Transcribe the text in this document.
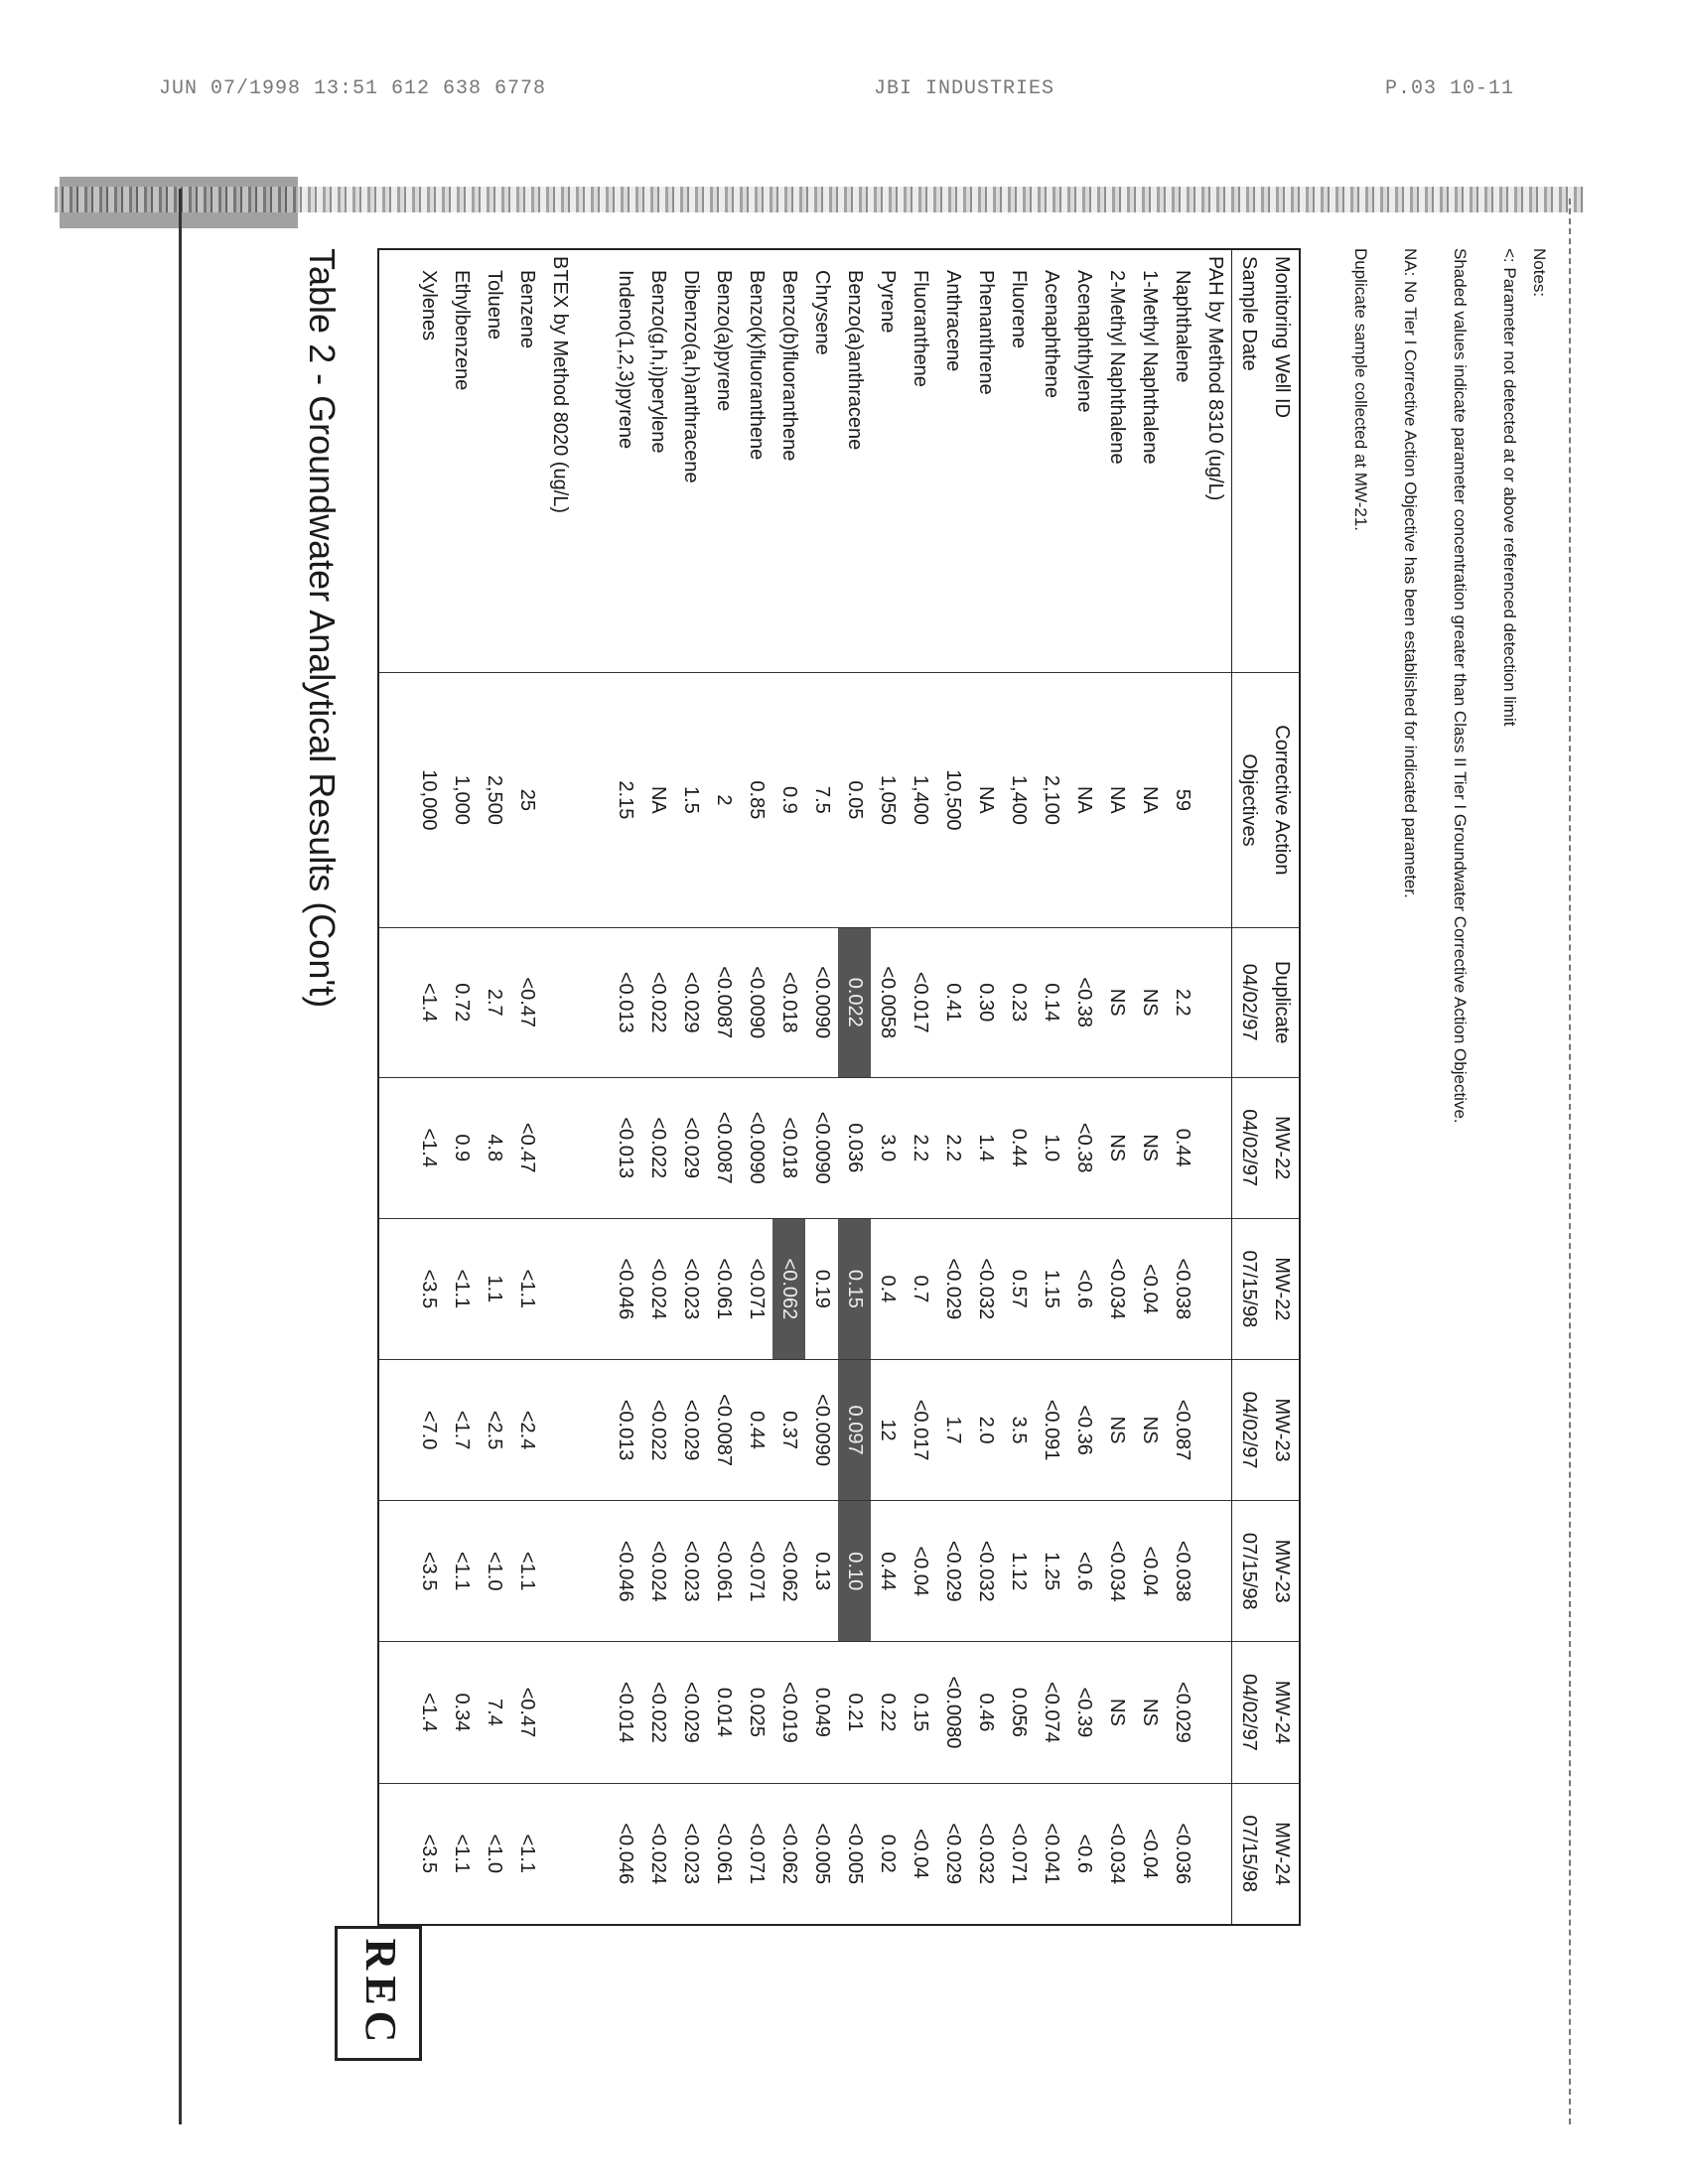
JUN 07/1998 13:51 612 638 6778	JBI INDUSTRIES	P.03 10-11
Table 2 - Groundwater Analytical Results (Con't)
REC
Monitoring Well ID	Corrective Action	Duplicate	MW-22	MW-22	MW-23	MW-23	MW-24	MW-24
Sample Date	Objectives	04/02/97	04/02/97	07/15/98	04/02/97	07/15/98	04/02/97	07/15/98
PAH by Method 8310 (ug/L)								
Naphthalene	59	2.2	0.44	<0.038	<0.087	<0.038	<0.029	<0.036
1-Methyl Naphthalene	NA	NS	NS	<0.04	NS	<0.04	NS	<0.04
2-Methyl Naphthalene	NA	NS	NS	<0.034	NS	<0.034	NS	<0.034
Acenaphthylene	NA	<0.38	<0.38	<0.6	<0.36	<0.6	<0.39	<0.6
Acenaphthene	2,100	0.14	1.0	1.15	<0.091	1.25	<0.074	<0.041
Fluorene	1,400	0.23	0.44	0.57	3.5	1.12	0.056	<0.071
Phenanthrene	NA	0.30	1.4	<0.032	2.0	<0.032	0.46	<0.032
Anthracene	10,500	0.41	2.2	<0.029	1.7	<0.029	<0.0080	<0.029
Fluoranthene	1,400	<0.017	2.2	0.7	<0.017	<0.04	0.15	<0.04
Pyrene	1,050	<0.0058	3.0	0.4	12	0.44	0.22	0.02
Benzo(a)anthracene	0.05	0.022	0.036	0.15	0.097	0.10	0.21	<0.005
Chrysene	7.5	<0.0090	<0.0090	0.19	<0.0090	0.13	0.049	<0.005
Benzo(b)fluoranthene	0.9	<0.018	<0.018	<0.062	0.37	<0.062	<0.019	<0.062
Benzo(k)fluoranthene	0.85	<0.0090	<0.0090	<0.071	0.44	<0.071	0.025	<0.071
Benzo(a)pyrene	2	<0.0087	<0.0087	<0.061	<0.0087	<0.061	0.014	<0.061
Dibenzo(a,h)anthracene	1.5	<0.029	<0.029	<0.023	<0.029	<0.023	<0.029	<0.023
Benzo(g,h,i)perylene	NA	<0.022	<0.022	<0.024	<0.022	<0.024	<0.022	<0.024
Indeno(1,2,3)pyrene	2.15	<0.013	<0.013	<0.046	<0.013	<0.046	<0.014	<0.046

BTEX by Method 8020 (ug/L)								
Benzene	25	<0.47	<0.47	<1.1	<2.4	<1.1	<0.47	<1.1
Toluene	2,500	2.7	4.8	1.1	<2.5	<1.0	7.4	<1.0
Ethylbenzene	1,000	0.72	0.9	<1.1	<1.7	<1.1	0.34	<1.1
Xylenes	10,000	<1.4	<1.4	<3.5	<7.0	<3.5	<1.4	<3.5

Notes:

<: Parameter not detected at or above referenced detection limit

Shaded values indicate parameter concentration greater than Class II Tier I Groundwater Corrective Action Objective.

NA: No Tier I Corrective Action Objective has been established for indicated parameter.

Duplicate sample collected at MW-21.
